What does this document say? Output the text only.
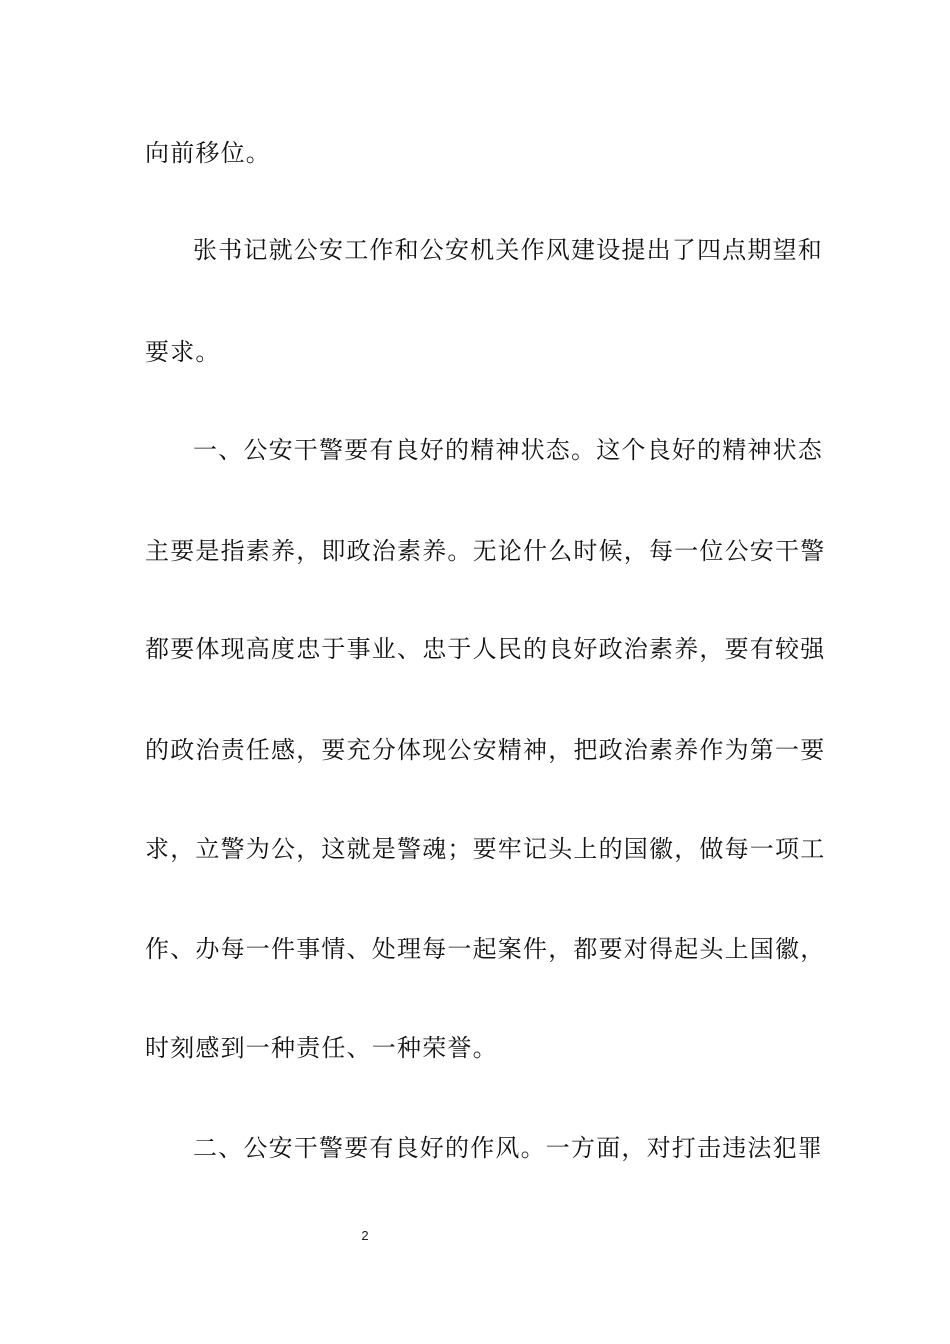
向前移位。
张书记就公安工作和公安机关作风建设提出了四点期望和
要求。
一、公安干警要有良好的精神状态。这个良好的精神状态
主要是指素养，即政治素养。无论什么时候，每一位公安干警
都要体现高度忠于事业、忠于人民的良好政治素养，要有较强
的政治责任感，要充分体现公安精神，把政治素养作为第一要
求，立警为公，这就是警魂；要牢记头上的国徽，做每一项工
作、办每一件事情、处理每一起案件，都要对得起头上国徽，
时刻感到一种责任、一种荣誉。
二、公安干警要有良好的作风。一方面，对打击违法犯罪
2
